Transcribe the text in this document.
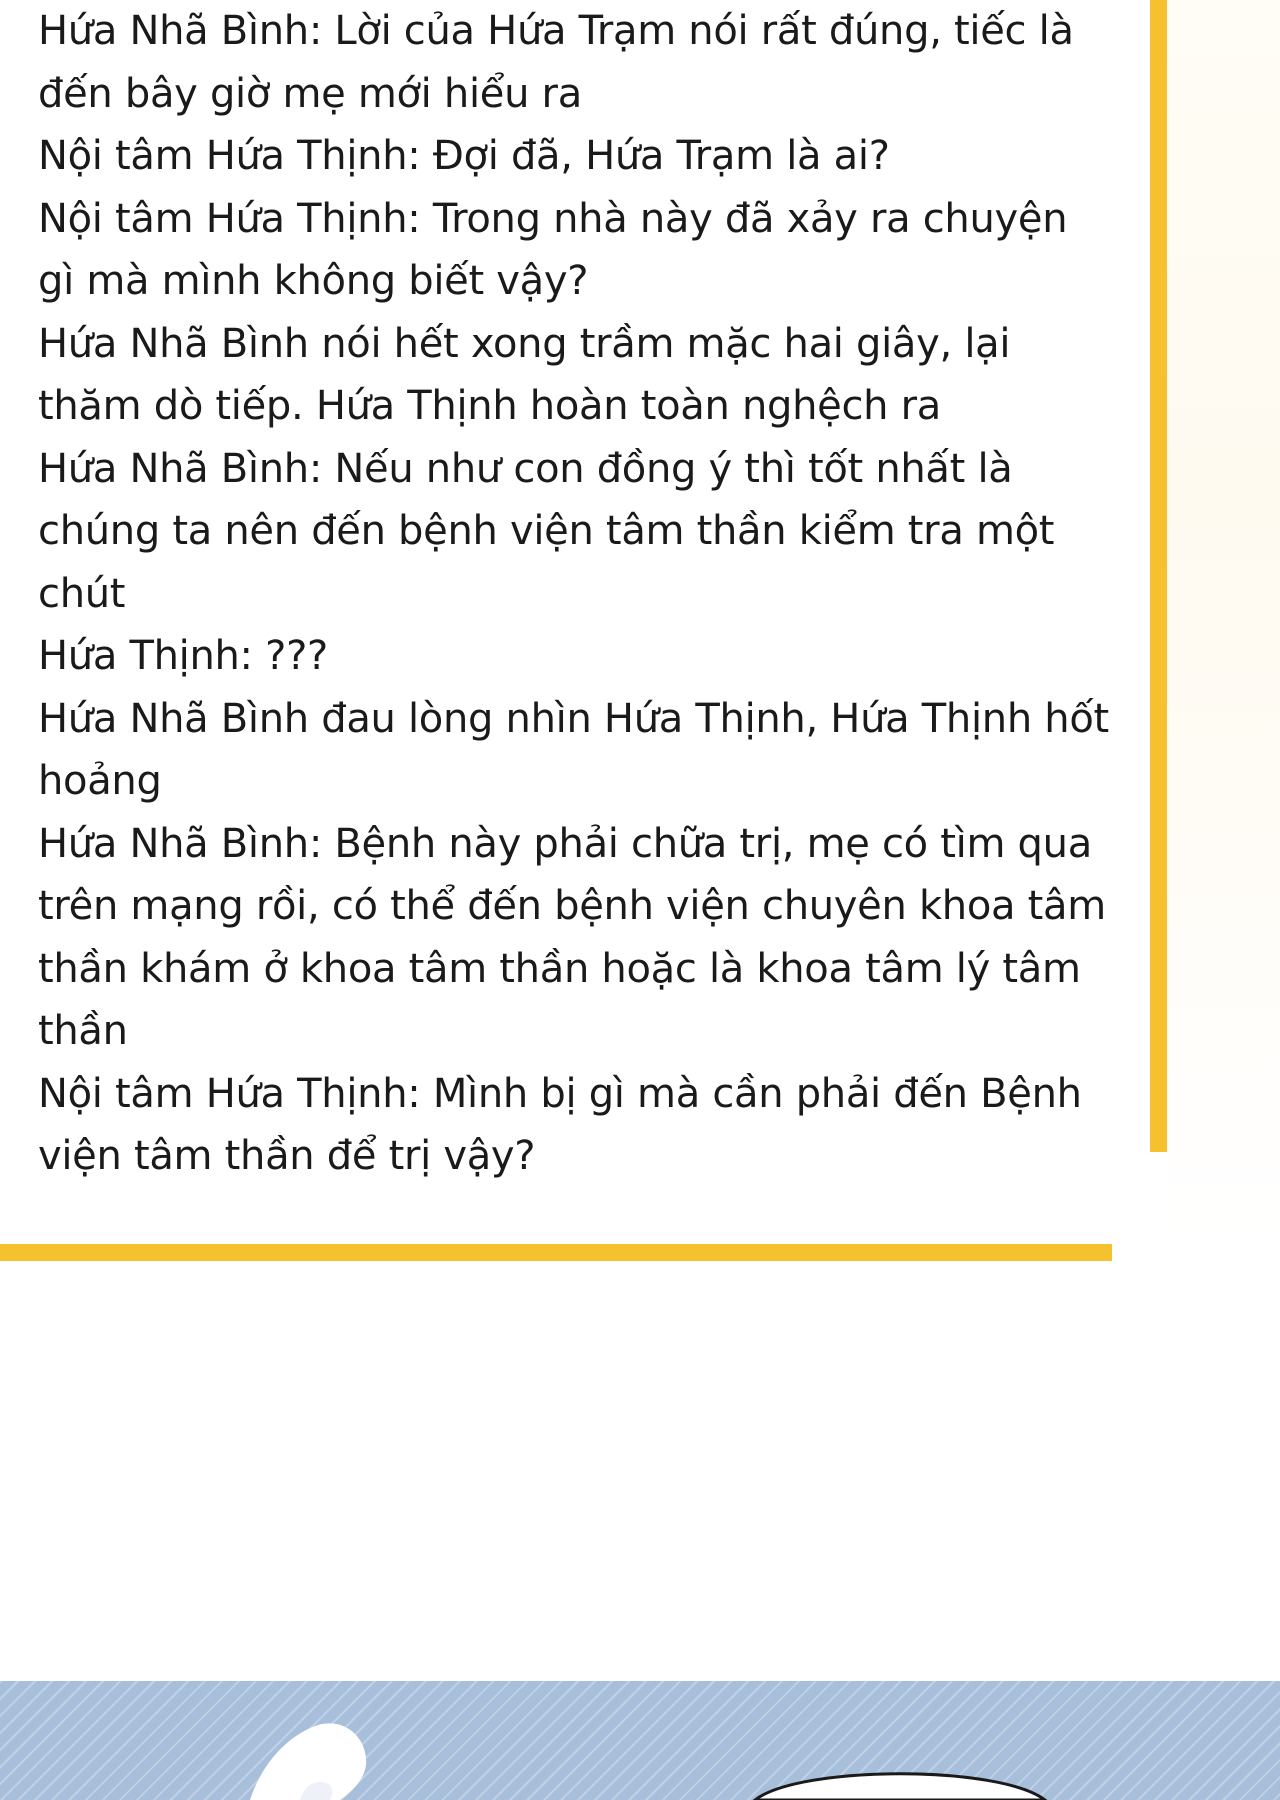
Hứa Nhã Bình: Lời của Hứa Trạm nói rất đúng, tiếc là
đến bây giờ mẹ mới hiểu ra
Nội tâm Hứa Thịnh: Đợi đã, Hứa Trạm là ai?
Nội tâm Hứa Thịnh: Trong nhà này đã xảy ra chuyện
gì mà mình không biết vậy?
Hứa Nhã Bình nói hết xong trầm mặc hai giây, lại
thăm dò tiếp. Hứa Thịnh hoàn toàn nghệch ra
Hứa Nhã Bình: Nếu như con đồng ý thì tốt nhất là
chúng ta nên đến bệnh viện tâm thần kiểm tra một
chút
Hứa Thịnh: ???
Hứa Nhã Bình đau lòng nhìn Hứa Thịnh, Hứa Thịnh hốt
hoảng
Hứa Nhã Bình: Bệnh này phải chữa trị, mẹ có tìm qua
trên mạng rồi, có thể đến bệnh viện chuyên khoa tâm
thần khám ở khoa tâm thần hoặc là khoa tâm lý tâm
thần
Nội tâm Hứa Thịnh: Mình bị gì mà cần phải đến Bệnh
viện tâm thần để trị vậy?
